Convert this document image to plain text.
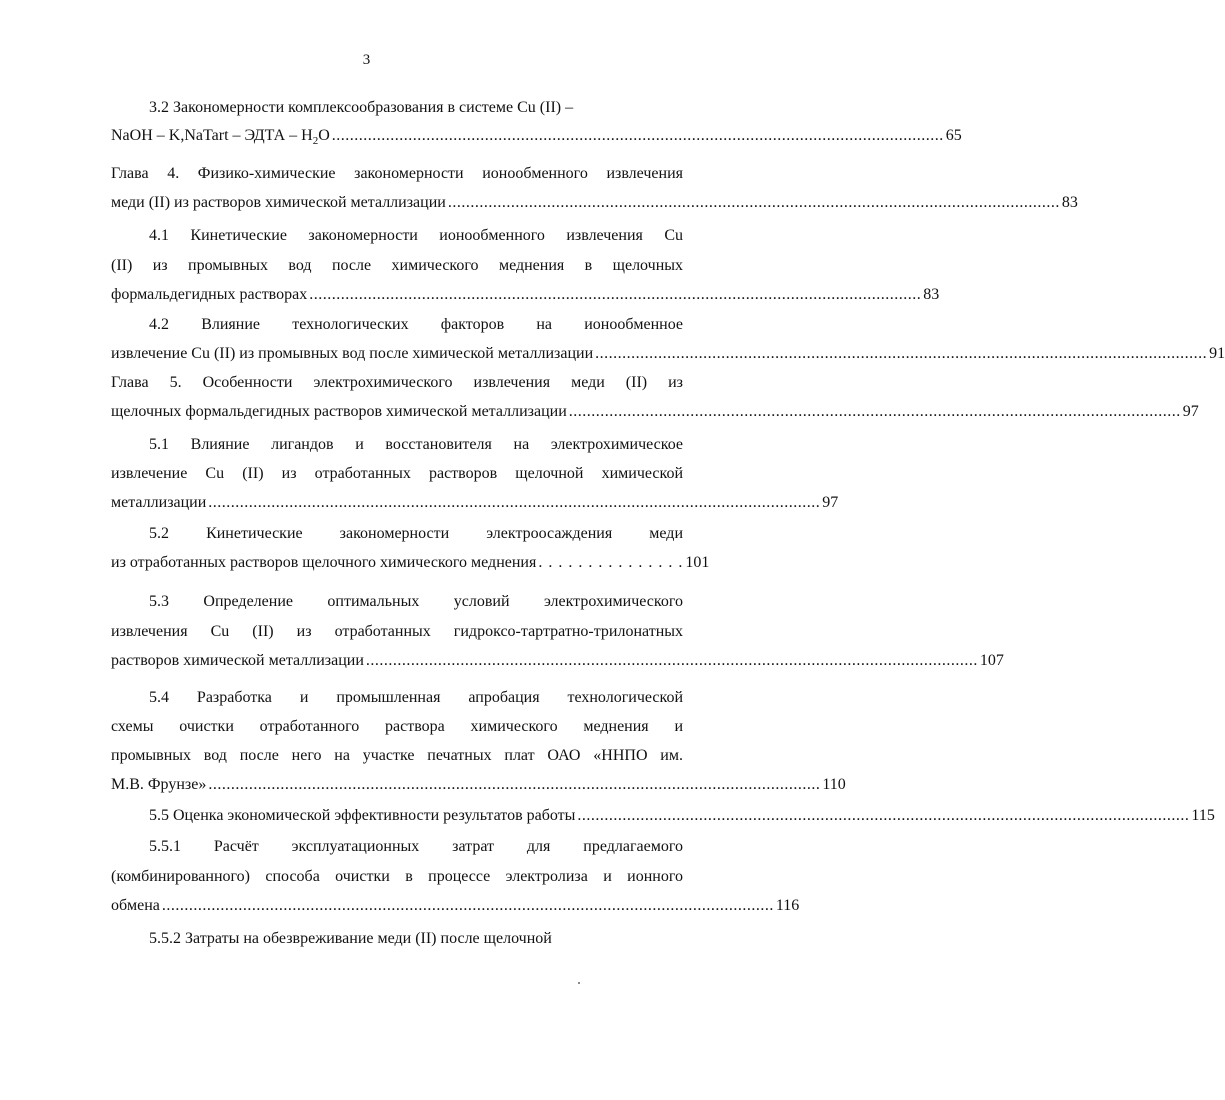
3
3.2 Закономерности комплексообразования в системе Cu (II) –
NaOH – K,NaTart – ЭДТА – $H_2O$ ........................................................................................................................................ 65
Глава 4. Физико-химические закономерности ионообменного извлечения
меди (II) из растворов химической металлизации ........................................................................................................................................ 83
4.1 Кинетические закономерности ионообменного извлечения Cu
(II) из промывных вод после химического меднения в щелочных
формальдегидных растворах ........................................................................................................................................ 83
4.2 Влияние технологических факторов на ионообменное
извлечение Cu (II) из промывных вод после химической металлизации ........................................................................................................................................ 91
Глава 5. Особенности электрохимического извлечения меди (II) из
щелочных формальдегидных растворов химической металлизации ........................................................................................................................................ 97
5.1 Влияние лигандов и восстановителя на электрохимическое
извлечение Cu (II) из отработанных растворов щелочной химической
металлизации ........................................................................................................................................ 97
5.2 Кинетические закономерности электроосаждения меди
из отработанных растворов щелочного химического меднения . . . . . . . . . . . . . . . 101
5.3 Определение оптимальных условий электрохимического
извлечения Cu (II) из отработанных гидроксо-тартратно-трилонатных
растворов химической металлизации ........................................................................................................................................ 107
5.4 Разработка и промышленная апробация технологической
схемы очистки отработанного раствора химического меднения и
промывных вод после него на участке печатных плат ОАО «ННПО им.
М.В. Фрунзе» ........................................................................................................................................ 110
5.5 Оценка экономической эффективности результатов работы ........................................................................................................................................ 115
5.5.1 Расчёт эксплуатационных затрат для предлагаемого
(комбинированного) способа очистки в процессе электролиза и ионного
обмена ........................................................................................................................................ 116
5.5.2 Затраты на обезвреживание меди (II) после щелочной
